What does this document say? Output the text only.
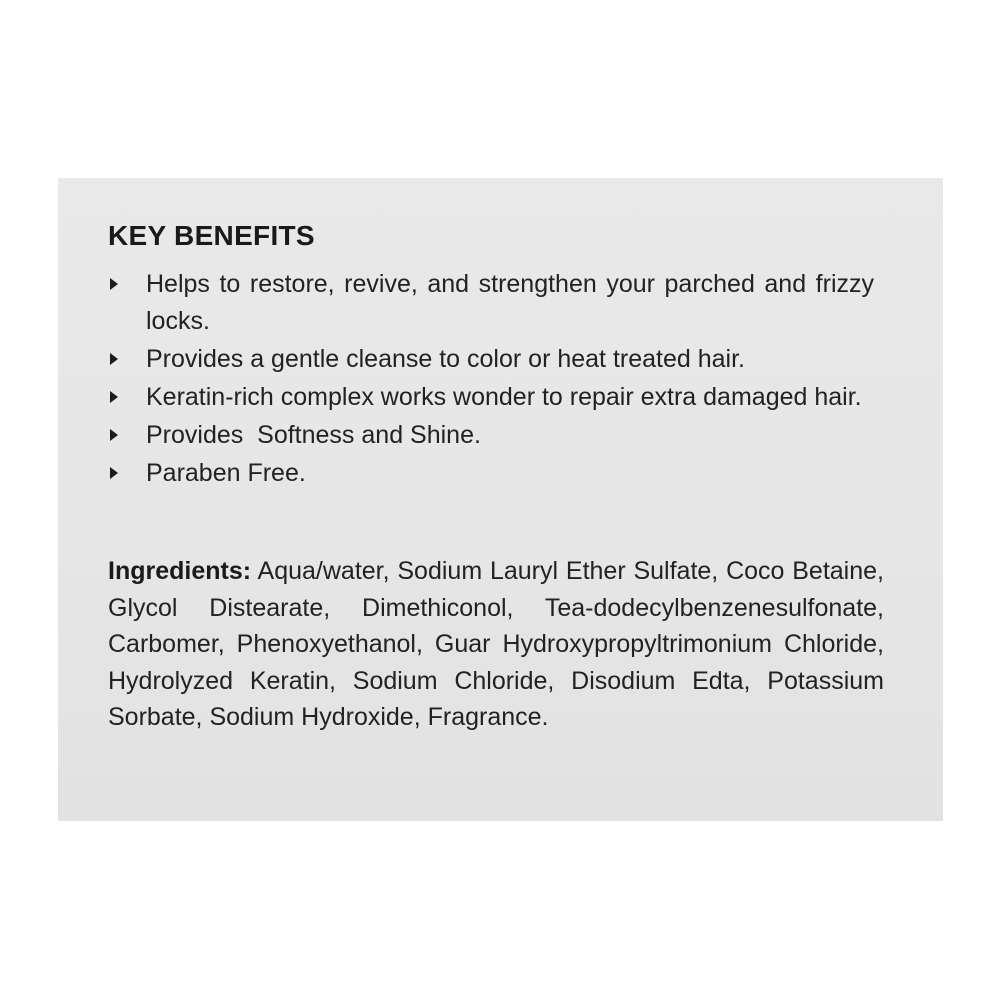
KEY BENEFITS
Helps to restore, revive, and strengthen your parched and frizzy locks.
Provides a gentle cleanse to color or heat treated hair.
Keratin-rich complex works wonder to repair extra damaged hair.
Provides  Softness and Shine.
Paraben Free.

Ingredients: Aqua/water, Sodium Lauryl Ether Sulfate, Coco Betaine, Glycol Distearate, Dimethiconol, Tea-dodecylbenzenesulfonate, Carbomer, Phenoxyethanol, Guar Hydroxypropyltrimonium Chloride, Hydrolyzed Keratin, Sodium Chloride, Disodium Edta, Potassium Sorbate, Sodium Hydroxide, Fragrance.
